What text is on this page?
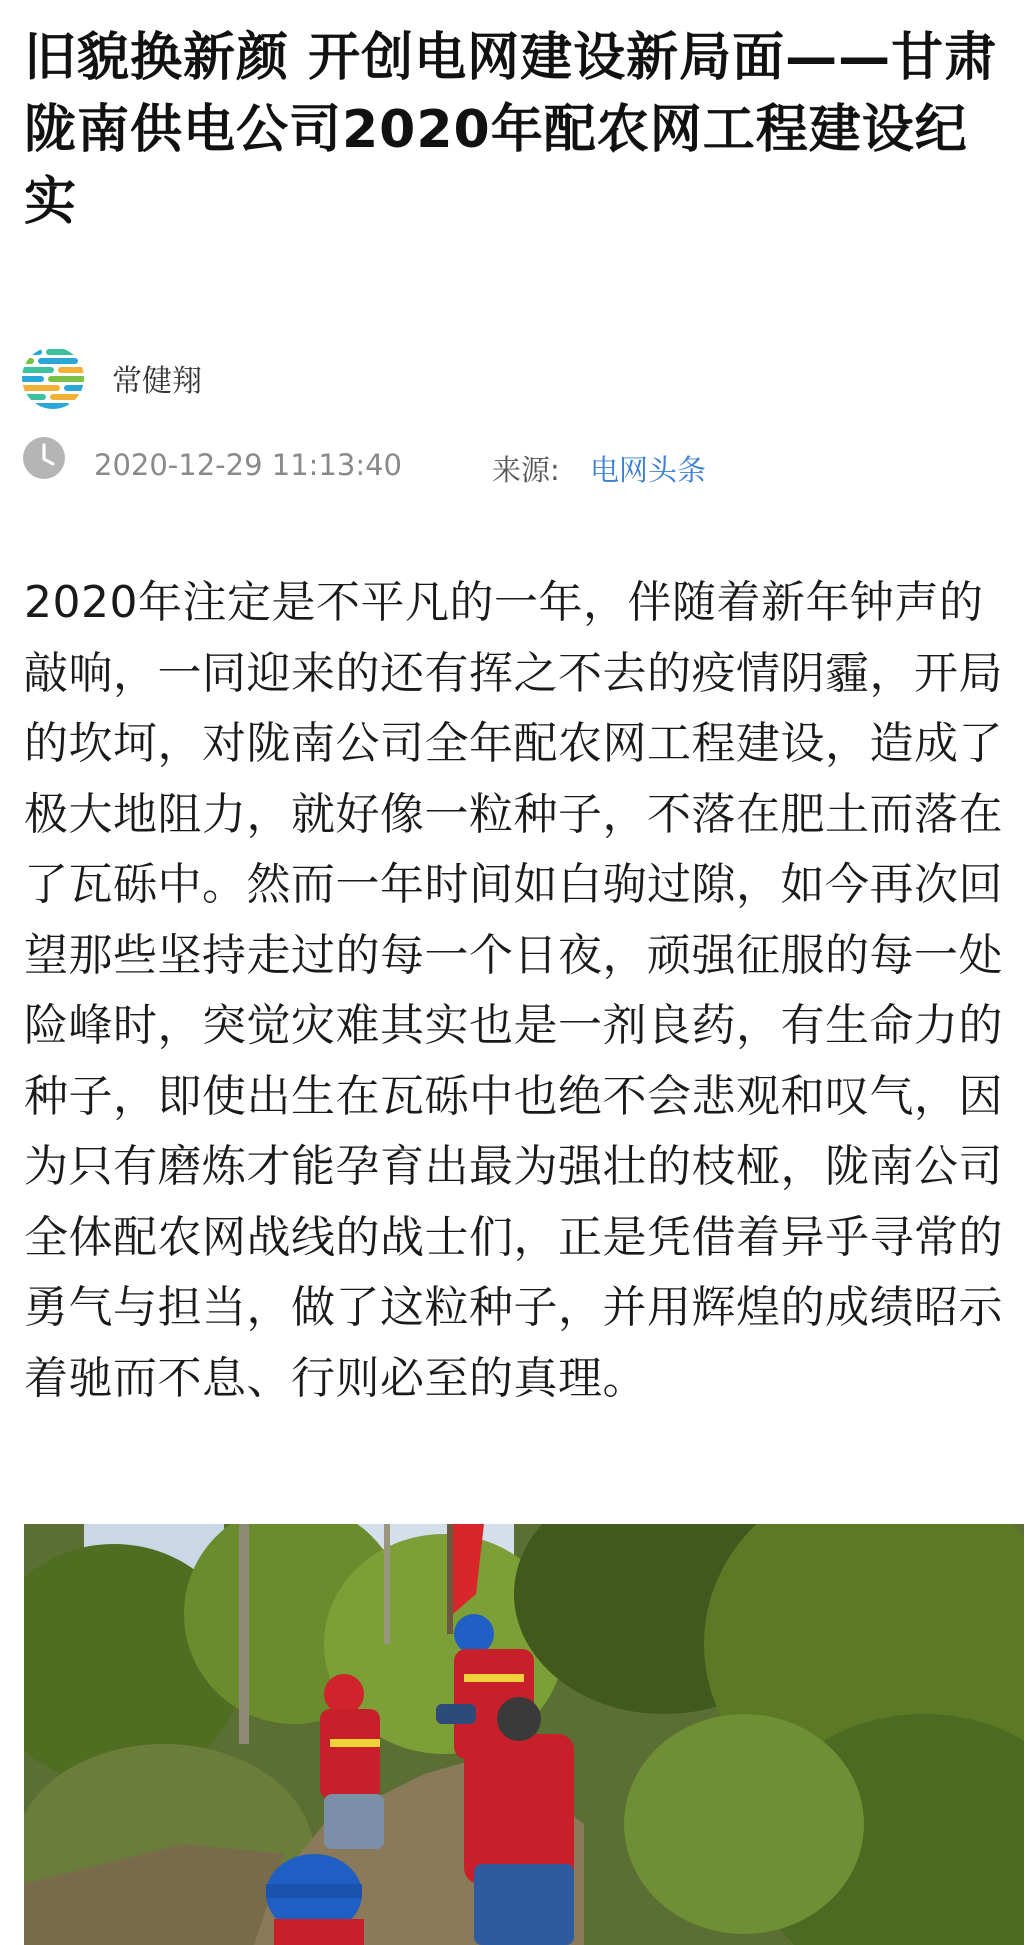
旧貌换新颜 开创电网建设新局面——甘肃陇南供电公司2020年配农网工程建设纪实
常健翔
2020-12-29 11:13:40	来源: 电网头条

2020年注定是不平凡的一年，伴随着新年钟声的敲响，一同迎来的还有挥之不去的疫情阴霾，开局的坎坷，对陇南公司全年配农网工程建设，造成了极大地阻力，就好像一粒种子，不落在肥土而落在了瓦砾中。然而一年时间如白驹过隙，如今再次回望那些坚持走过的每一个日夜，顽强征服的每一处险峰时，突觉灾难其实也是一剂良药，有生命力的种子，即使出生在瓦砾中也绝不会悲观和叹气，因为只有磨炼才能孕育出最为强壮的枝桠，陇南公司全体配农网战线的战士们，正是凭借着异乎寻常的勇气与担当，做了这粒种子，并用辉煌的成绩昭示着驰而不息、行则必至的真理。
